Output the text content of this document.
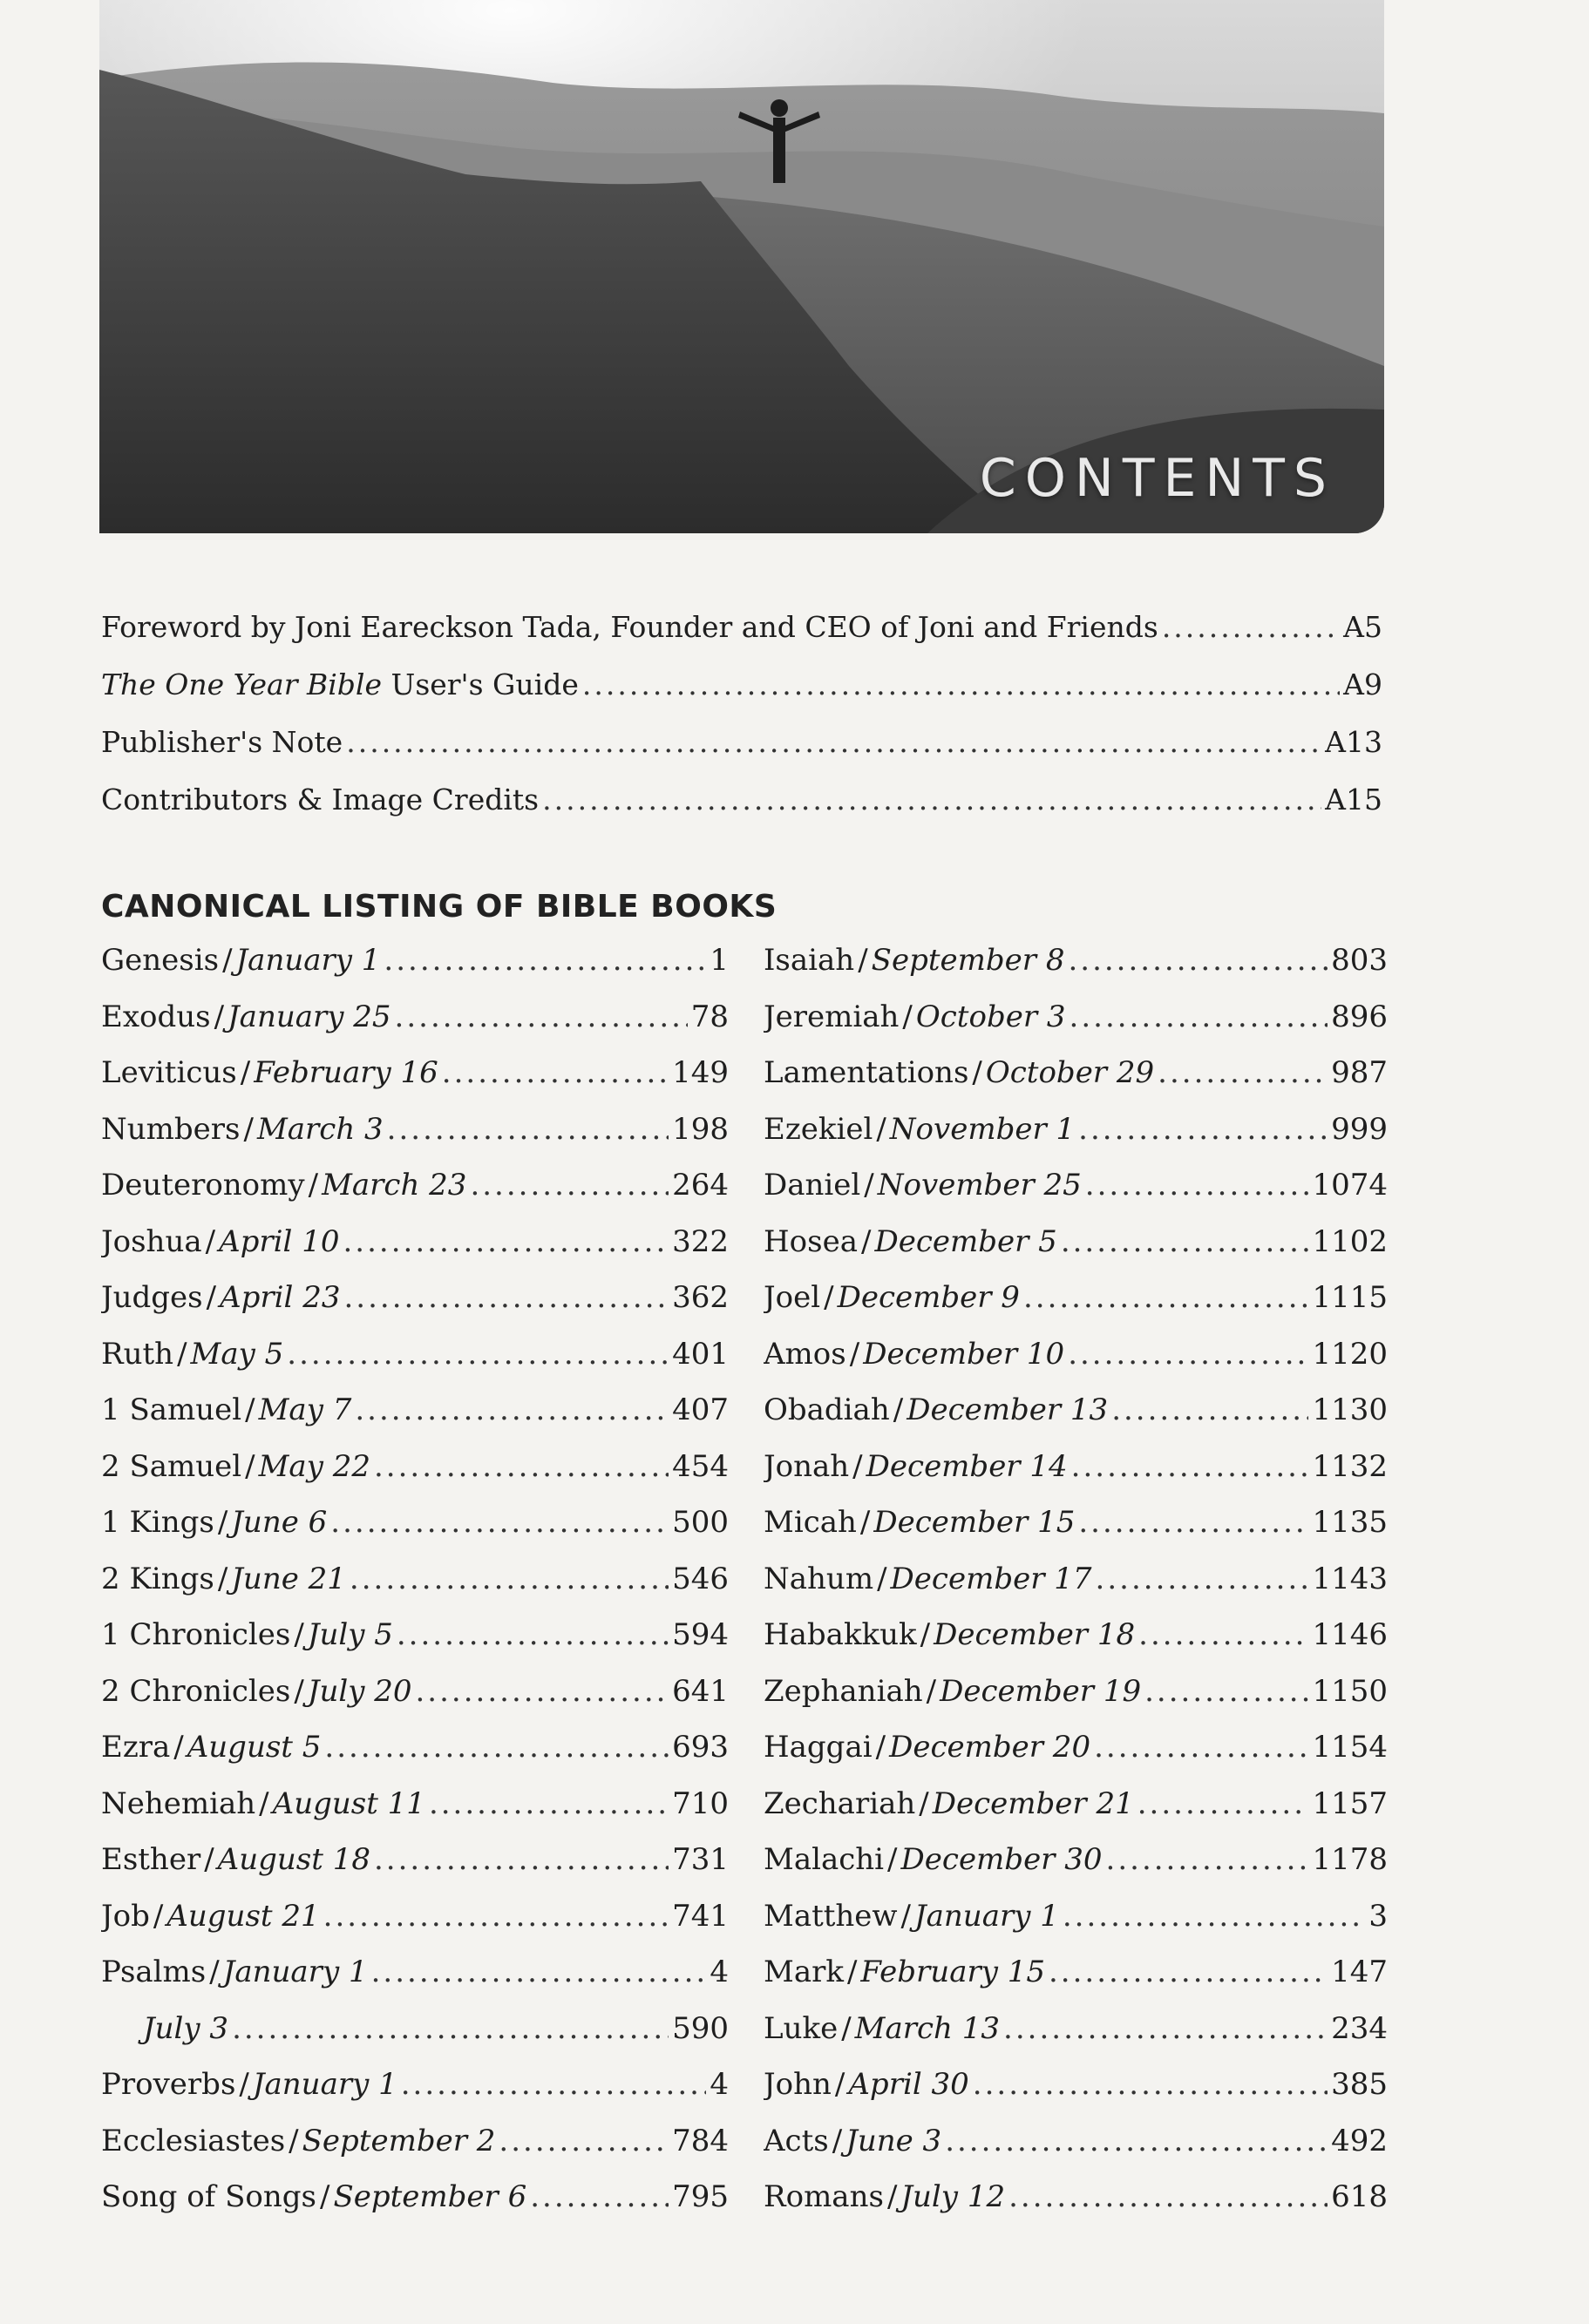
CONTENTS
Foreword by Joni Eareckson Tada, Founder and CEO of Joni and Friends .....	A5
The One Year Bible User's Guide .....	A9
Publisher's Note .....	A13
Contributors & Image Credits .....	A15
CANONICAL LISTING OF BIBLE BOOKS
Genesis / January 1 .....	1
Exodus / January 25 .....	78
Leviticus / February 16 .....	149
Numbers / March 3 .....	198
Deuteronomy / March 23 .....	264
Joshua / April 10 .....	322
Judges / April 23 .....	362
Ruth / May 5 .....	401
1 Samuel / May 7 .....	407
2 Samuel / May 22 .....	454
1 Kings / June 6 .....	500
2 Kings / June 21 .....	546
1 Chronicles / July 5 .....	594
2 Chronicles / July 20 .....	641
Ezra / August 5 .....	693
Nehemiah / August 11 .....	710
Esther / August 18 .....	731
Job / August 21 .....	741
Psalms / January 1 .....	4
July 3 .....	590
Proverbs / January 1 .....	4
Ecclesiastes / September 2 .....	784
Song of Songs / September 6 .....	795
Isaiah / September 8 .....	803
Jeremiah / October 3 .....	896
Lamentations / October 29 .....	987
Ezekiel / November 1 .....	999
Daniel / November 25 .....	1074
Hosea / December 5 .....	1102
Joel / December 9 .....	1115
Amos / December 10 .....	1120
Obadiah / December 13 .....	1130
Jonah / December 14 .....	1132
Micah / December 15 .....	1135
Nahum / December 17 .....	1143
Habakkuk / December 18 .....	1146
Zephaniah / December 19 .....	1150
Haggai / December 20 .....	1154
Zechariah / December 21 .....	1157
Malachi / December 30 .....	1178
Matthew / January 1 .....	3
Mark / February 15 .....	147
Luke / March 13 .....	234
John / April 30 .....	385
Acts / June 3 .....	492
Romans / July 12 .....	618
